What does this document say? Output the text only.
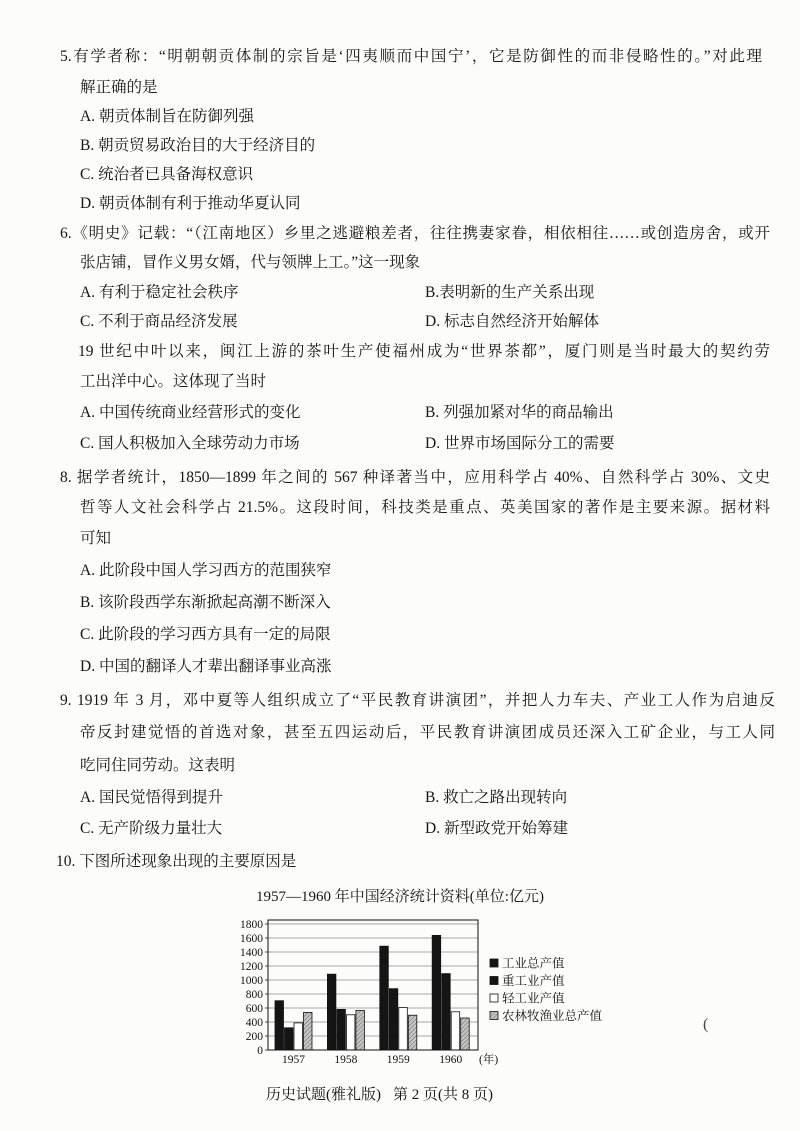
5.有学者称：“明朝朝贡体制的宗旨是‘四夷顺而中国宁’，它是防御性的而非侵略性的。”对此理
解正确的是
A. 朝贡体制旨在防御列强
B. 朝贡贸易政治目的大于经济目的
C. 统治者已具备海权意识
D. 朝贡体制有利于推动华夏认同
6.《明史》记载：“（江南地区）乡里之逃避粮差者，往往携妻家眷，相依相往……或创造房舍，或开
张店铺，冒作义男女婿，代与领牌上工。”这一现象
A. 有利于稳定社会秩序	B.表明新的生产关系出现
C. 不利于商品经济发展	D. 标志自然经济开始解体
19 世纪中叶以来，闽江上游的茶叶生产使福州成为“世界茶都”，厦门则是当时最大的契约劳
工出洋中心。这体现了当时
A. 中国传统商业经营形式的变化	B. 列强加紧对华的商品输出
C. 国人积极加入全球劳动力市场	D. 世界市场国际分工的需要
8. 据学者统计，1850—1899 年之间的 567 种译著当中，应用科学占 40%、自然科学占 30%、文史
哲等人文社会科学占 21.5%。这段时间，科技类是重点、英美国家的著作是主要来源。据材料
可知
A. 此阶段中国人学习西方的范围狭窄
B. 该阶段西学东渐掀起高潮不断深入
C. 此阶段的学习西方具有一定的局限
D. 中国的翻译人才辈出翻译事业高涨
9. 1919 年 3 月，邓中夏等人组织成立了“平民教育讲演团”，并把人力车夫、产业工人作为启迪反
帝反封建觉悟的首选对象，甚至五四运动后，平民教育讲演团成员还深入工矿企业，与工人同
吃同住同劳动。这表明
A. 国民觉悟得到提升	B. 救亡之路出现转向
C. 无产阶级力量壮大	D. 新型政党开始筹建
10. 下图所述现象出现的主要原因是
1957—1960 年中国经济统计资料(单位:亿元)
0
200
400
600
800
1000
1200
1400
1600
1800
1957	1958	1959	1960 (年)
工业总产值
重工业产值
轻工业产值
农林牧渔业总产值	(
历史试题(雅礼版) 第 2 页(共 8 页)
